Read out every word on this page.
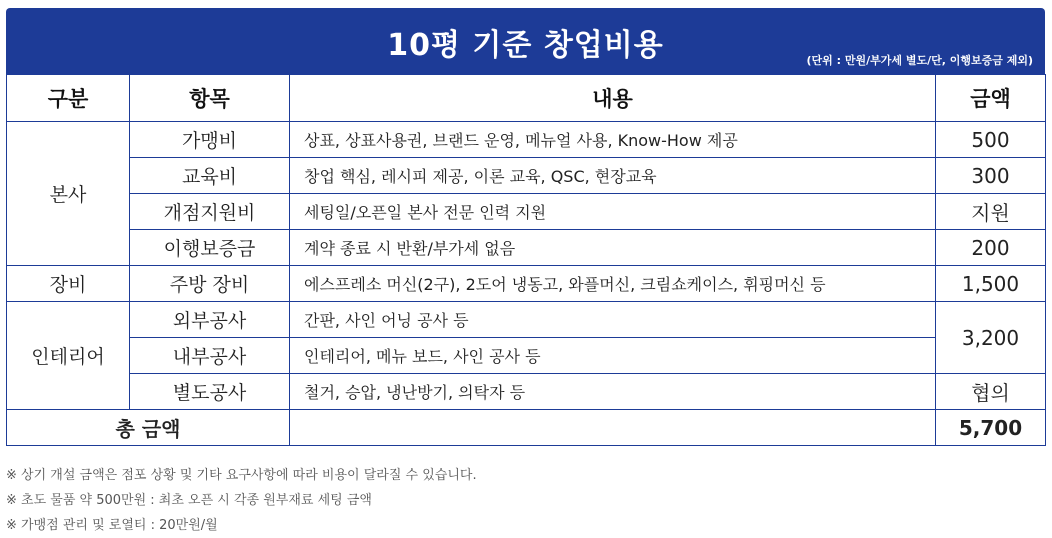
10평 기준 창업비용	(단위 : 만원/부가세 별도/단, 이행보증금 제외)
구분	항목	내용	금액
본사	가맹비	상표, 상표사용권, 브랜드 운영, 메뉴얼 사용, Know-How 제공	500
	교육비	창업 핵심, 레시피 제공, 이론 교육, QSC, 현장교육	300
	개점지원비	세팅일/오픈일 본사 전문 인력 지원	지원
	이행보증금	계약 종료 시 반환/부가세 없음	200
장비	주방 장비	에스프레소 머신(2구), 2도어 냉동고, 와플머신, 크림쇼케이스, 휘핑머신 등	1,500
인테리어	외부공사	간판, 사인 어닝 공사 등	3,200
	내부공사	인테리어, 메뉴 보드, 사인 공사 등	
	별도공사	철거, 승압, 냉난방기, 의탁자 등	협의
총 금액			5,700
※ 상기 개설 금액은 점포 상황 및 기타 요구사항에 따라 비용이 달라질 수 있습니다.
※ 초도 물품 약 500만원 : 최초 오픈 시 각종 원부재료 세팅 금액
※ 가맹점 관리 및 로열티 : 20만원/월
